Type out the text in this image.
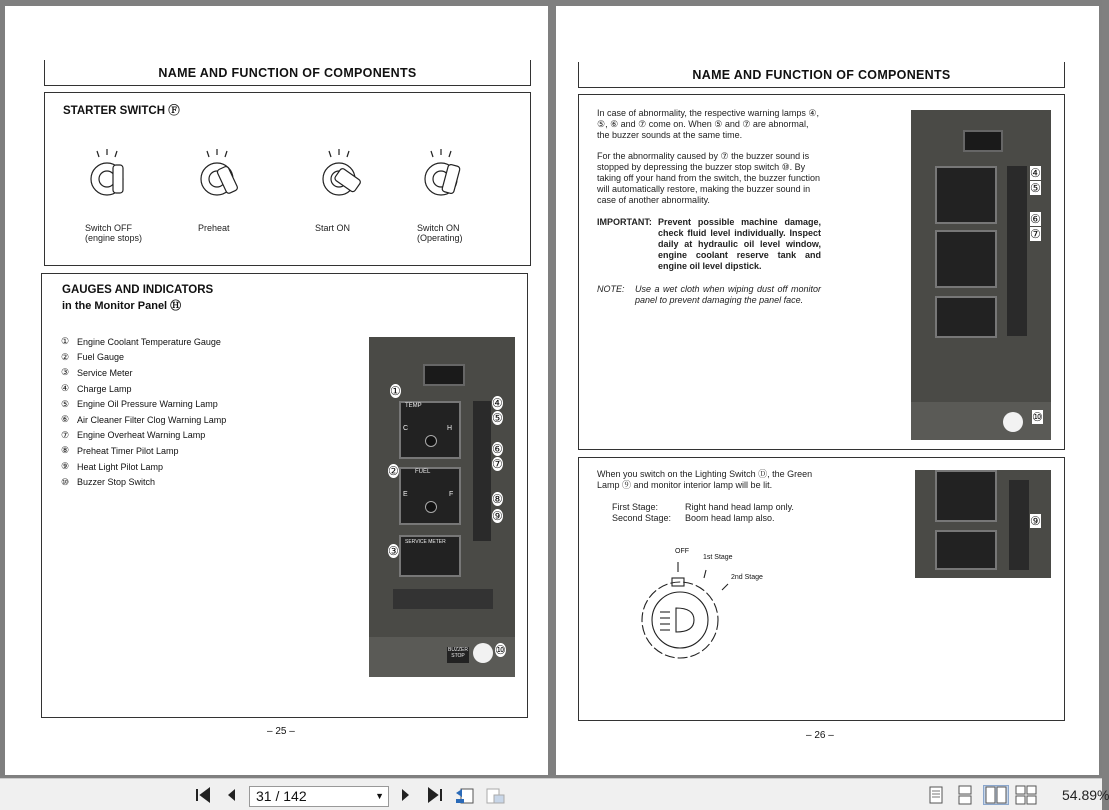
NAME AND FUNCTION OF COMPONENTS
STARTER SWITCH Ⓕ
Switch OFF
(engine stops)
Preheat	Start ON	Switch ON
(Operating)
GAUGES AND INDICATORS
in the Monitor Panel Ⓗ
① Engine Coolant Temperature Gauge
② Fuel Gauge
③ Service Meter
④ Charge Lamp
⑤ Engine Oil Pressure Warning Lamp
⑥ Air Cleaner Filter Clog Warning Lamp
⑦ Engine Overheat Warning Lamp
⑧ Preheat Timer Pilot Lamp
⑨ Heat Light Pilot Lamp
⑩ Buzzer Stop Switch
TEMP
C	H
FUEL
E	F
SERVICE METER
BUZZER STOP
①
②
③
④
⑤
⑥
⑦
⑧
⑨
⑩
– 25 –
NAME AND FUNCTION OF COMPONENTS
In case of abnormality, the respective warning lamps ④, ⑤, ⑥ and ⑦ come on. When ⑤ and ⑦ are abnormal, the buzzer sounds at the same time.
For the abnormality caused by ⑦ the buzzer sound is stopped by depressing the buzzer stop switch ⑩. By taking off your hand from the switch, the buzzer function will automatically restore, making the buzzer sound in case of another abnormality.
IMPORTANT: Prevent possible machine damage, check fluid level individually. Inspect daily at hydraulic oil level window, engine coolant reserve tank and engine oil level dipstick.
NOTE:	Use a wet cloth when wiping dust off monitor panel to prevent damaging the panel face.
④
⑤
⑥
⑦
⑩
When you switch on the Lighting Switch Ⓓ, the Green Lamp ⑨ and monitor interior lamp will be lit.
First Stage:	Right hand head lamp only.
Second Stage: Boom head lamp also.	⑨
OFF
1st Stage
2nd Stage
– 26 –
31 / 142	▼	54.89%
